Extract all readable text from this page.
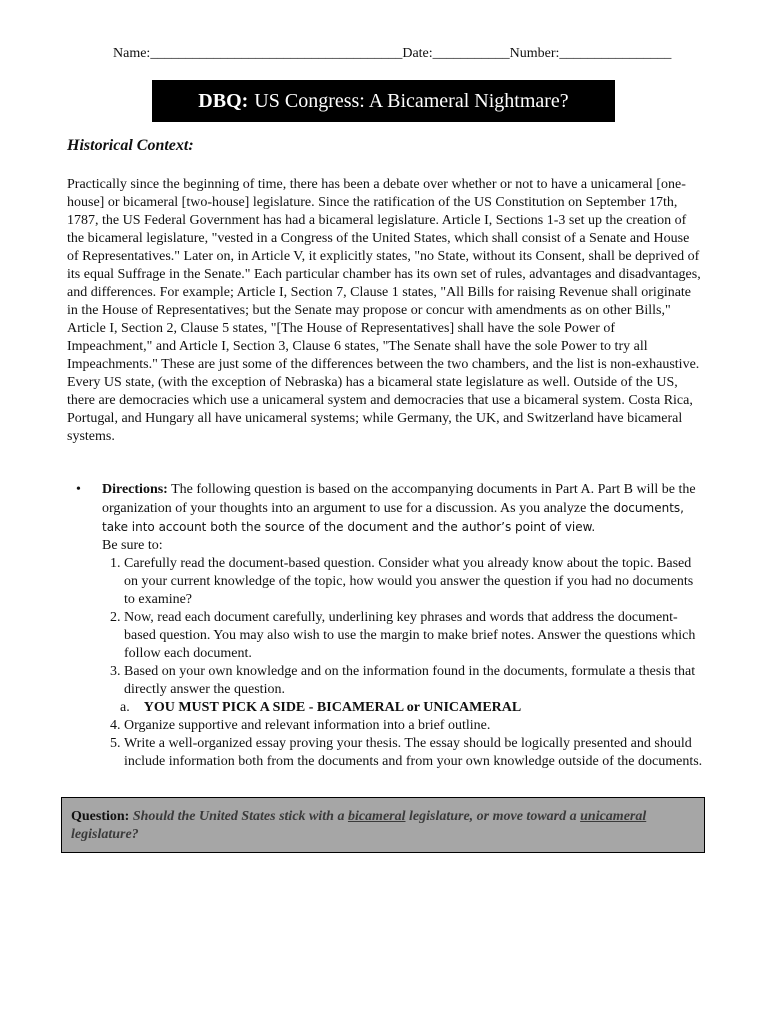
Name:____________________________________Date:___________Number:________________
DBQ: US Congress: A Bicameral Nightmare?
Historical Context:

Practically since the beginning of time, there has been a debate over whether or not to have a unicameral [one-house] or bicameral [two-house] legislature. Since the ratification of the US Constitution on September 17th, 1787, the US Federal Government has had a bicameral legislature. Article I, Sections 1-3 set up the creation of the bicameral legislature, "vested in a Congress of the United States, which shall consist of a Senate and House of Representatives." Later on, in Article V, it explicitly states, "no State, without its Consent, shall be deprived of its equal Suffrage in the Senate." Each particular chamber has its own set of rules, advantages and disadvantages, and differences. For example; Article I, Section 7, Clause 1 states, "All Bills for raising Revenue shall originate in the House of Representatives; but the Senate may propose or concur with amendments as on other Bills," Article I, Section 2, Clause 5 states, "[The House of Representatives] shall have the sole Power of Impeachment," and Article I, Section 3, Clause 6 states, "The Senate shall have the sole Power to try all Impeachments." These are just some of the differences between the two chambers, and the list is non-exhaustive. Every US state, (with the exception of Nebraska) has a bicameral state legislature as well. Outside of the US, there are democracies which use a unicameral system and democracies that use a bicameral system. Costa Rica, Portugal, and Hungary all have unicameral systems; while Germany, the UK, and Switzerland have bicameral systems.

• Directions: The following question is based on the accompanying documents in Part A. Part B will be the organization of your thoughts into an argument to use for a discussion. As you analyze the documents, take into account both the source of the document and the author’s point of view.
Be sure to:
1. Carefully read the document-based question. Consider what you already know about the topic. Based on your current knowledge of the topic, how would you answer the question if you had no documents to examine?
2. Now, read each document carefully, underlining key phrases and words that address the document-based question. You may also wish to use the margin to make brief notes. Answer the questions which follow each document.
3. Based on your own knowledge and on the information found in the documents, formulate a thesis that directly answer the question.
a. YOU MUST PICK A SIDE - BICAMERAL or UNICAMERAL
4. Organize supportive and relevant information into a brief outline.
5. Write a well-organized essay proving your thesis. The essay should be logically presented and should include information both from the documents and from your own knowledge outside of the documents.
Question: Should the United States stick with a bicameral legislature, or move toward a unicameral legislature?
